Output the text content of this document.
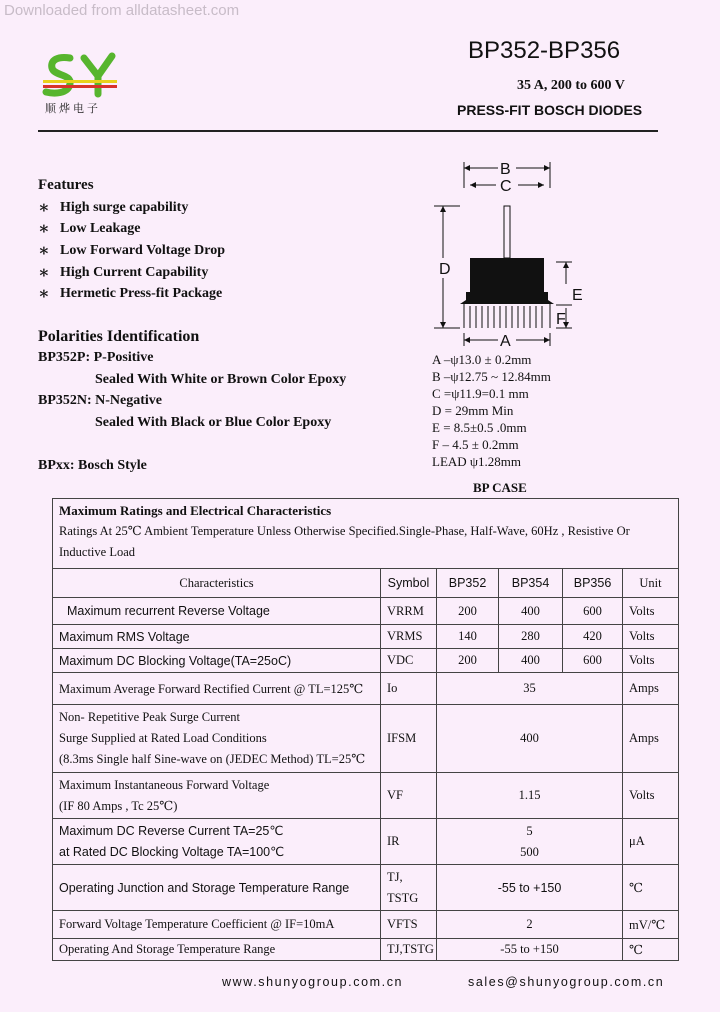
Downloaded from alldatasheet.com
顺烨电子
BP352-BP356
35 A, 200 to 600 V
PRESS-FIT BOSCH DIODES
Features
∗ High surge capability
∗ Low Leakage
∗ Low Forward Voltage Drop
∗ High Current Capability
∗ Hermetic Press-fit Package
Polarities Identification
BP352P: P-Positive
Sealed With White or Brown Color Epoxy
BP352N: N-Negative
Sealed With Black or Blue Color Epoxy
BPxx: Bosch Style
B
C
D
E
F
A
A –ψ13.0 ± 0.2mm
B –ψ12.75 ~ 12.84mm
C =ψ11.9=0.1 mm
D = 29mm Min
E = 8.5±0.5 .0mm
F – 4.5 ± 0.2mm
LEAD ψ1.28mm
BP CASE
Maximum Ratings and Electrical Characteristics					
Ratings At 25℃ Ambient Temperature Unless Otherwise Specified.Single-Phase, Half-Wave, 60Hz , Resistive Or Inductive Load					
Characteristics	Symbol	BP352	BP354	BP356	Unit
Maximum recurrent Reverse Voltage	VRRM	200	400	600	Volts
Maximum RMS Voltage	VRMS	140	280	420	Volts
Maximum DC Blocking Voltage(TA=25oC)	VDC	200	400	600	Volts
Maximum Average Forward Rectified Current @ TL=125℃	Io	35			Amps

Non- Repetitive Peak Surge Current
Surge Supplied at Rated Load Conditions
(8.3ms Single half Sine-wave on (JEDEC Method) TL=25℃	IFSM	400			Amps

Maximum Instantaneous Forward Voltage
(IF 80 Amps , Tc 25℃)	VF	1.15			Volts

Maximum DC Reverse Current TA=25℃
at Rated DC Blocking Voltage TA=100℃	IR	5
500			μA
Operating Junction and Storage Temperature Range	TJ,
TSTG	-55 to +150			℃
Forward Voltage Temperature Coefficient @ IF=10mA	VFTS	2			mV/℃
Operating And Storage Temperature Range	TJ,TSTG	-55 to +150			℃
www.shunyogroup.com.cn	sales@shunyogroup.com.cn
